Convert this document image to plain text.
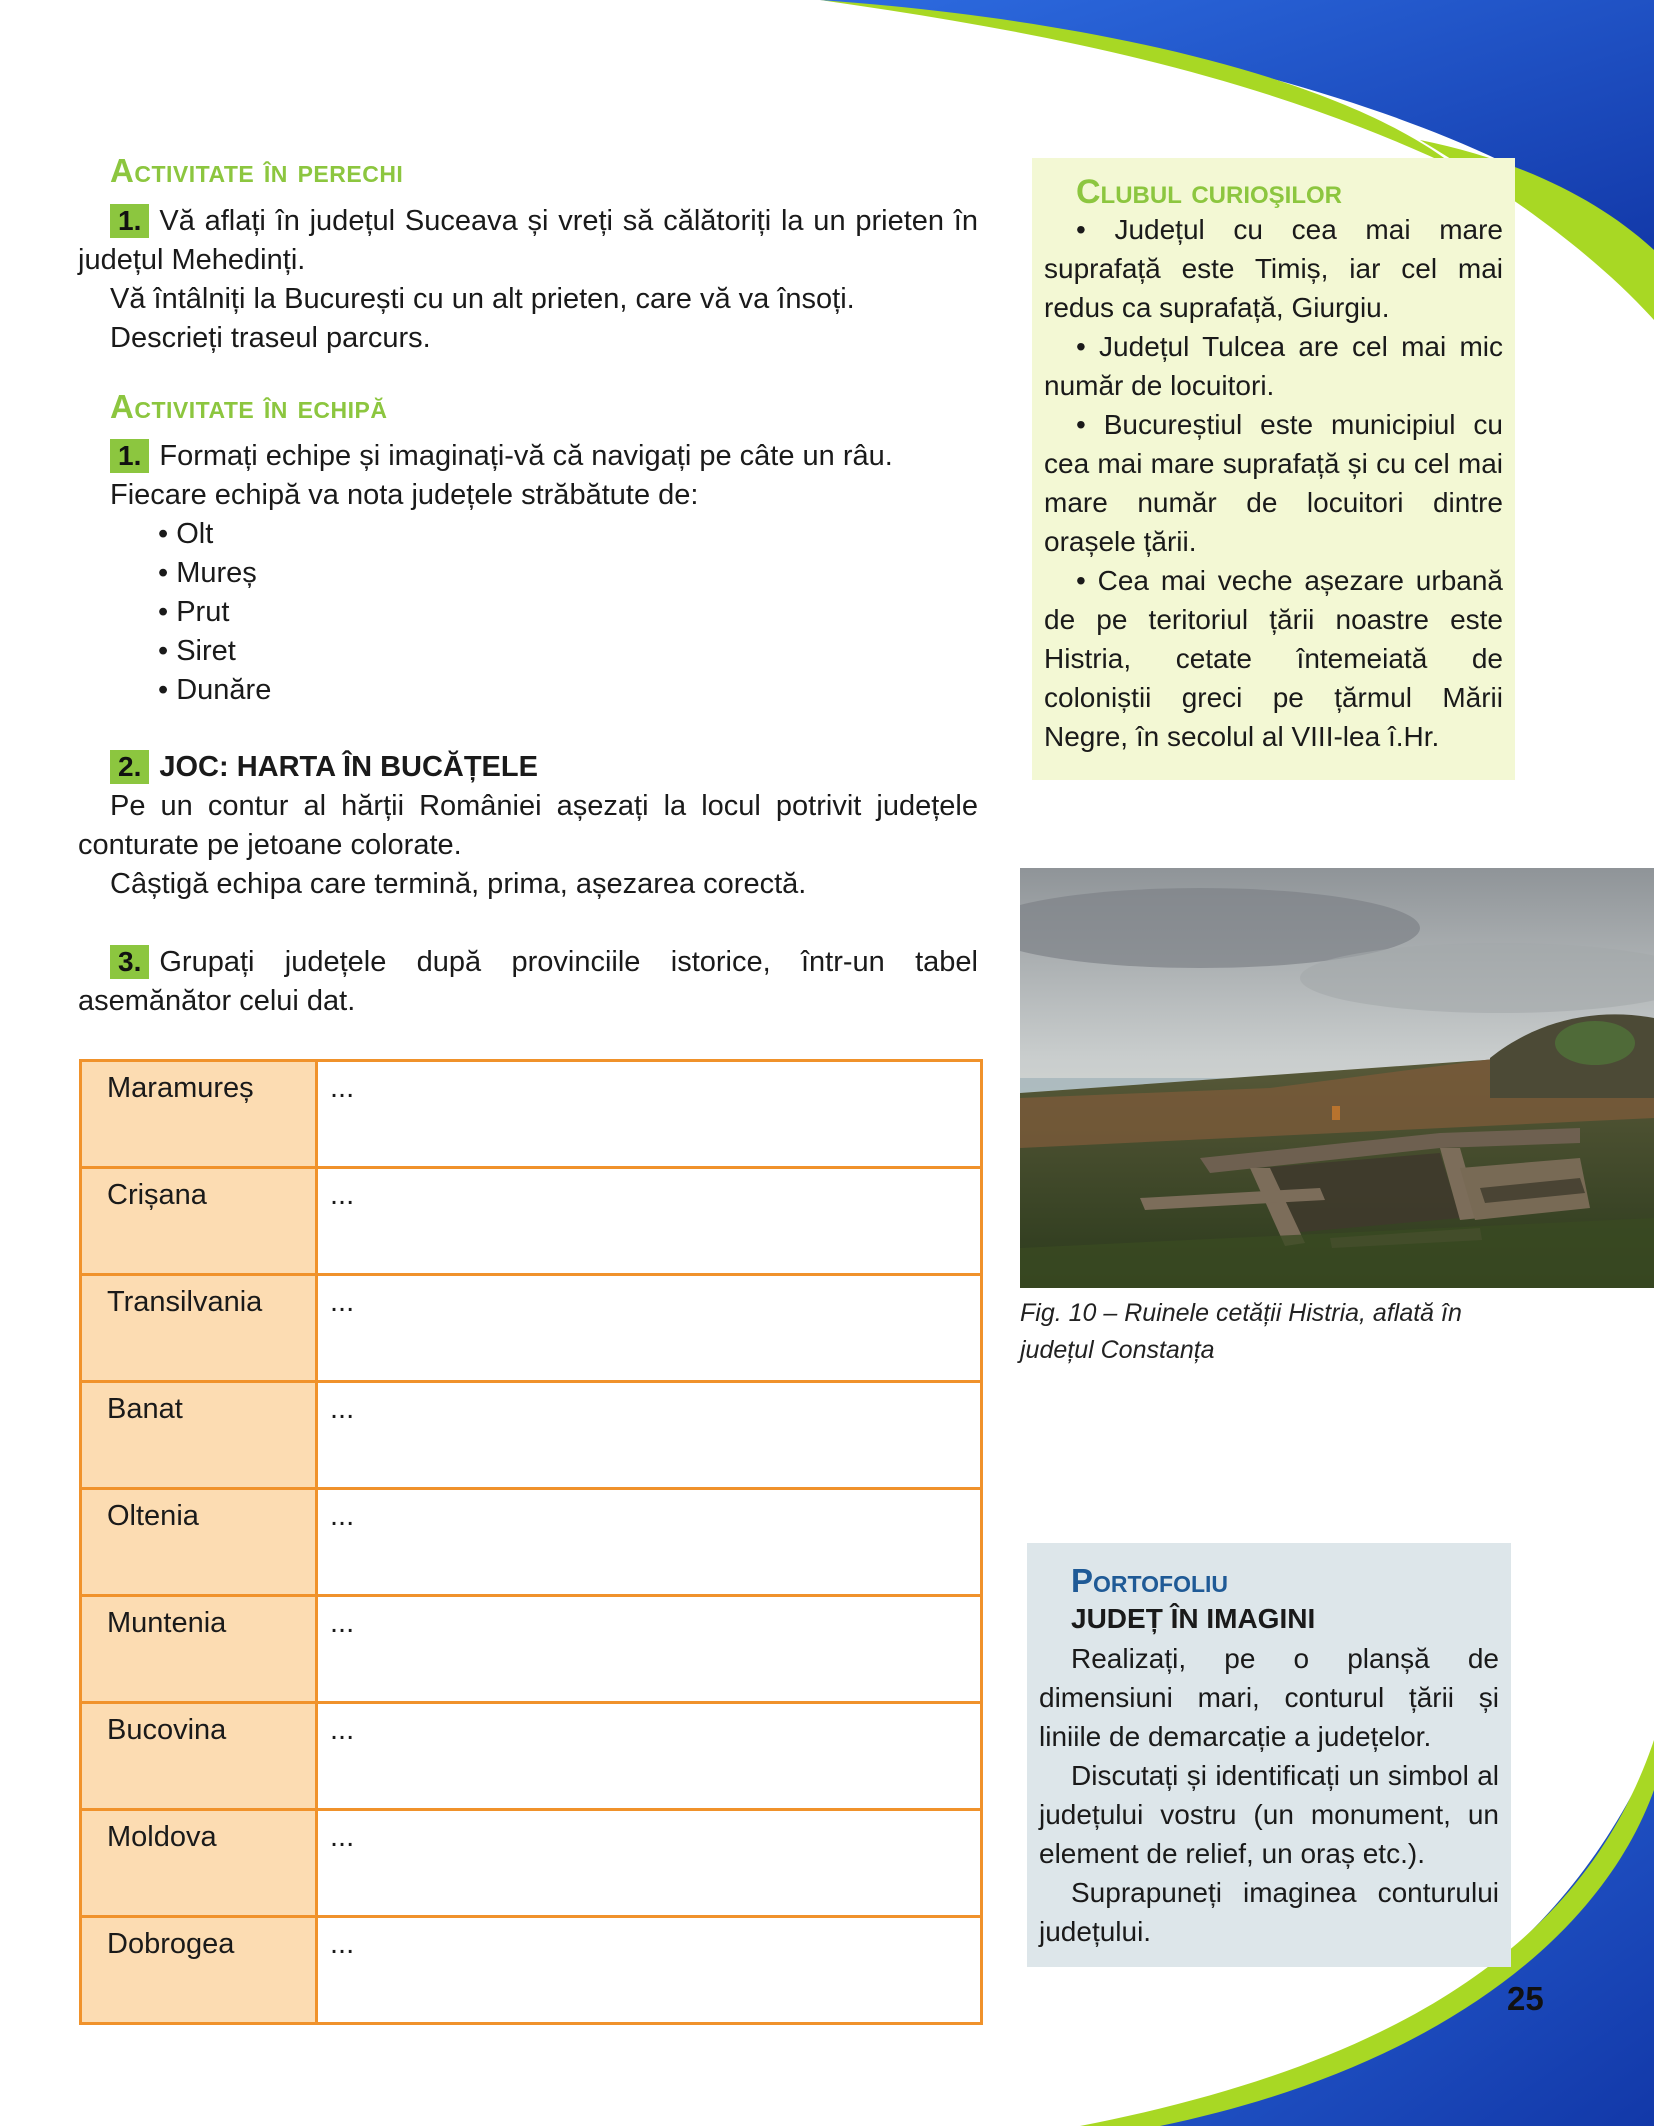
Activitate în perechi

1. Vă aflați în județul Suceava și vreți să călătoriți la un prieten în județul Mehedinți.

Vă întâlniți la București cu un alt prieten, care vă va însoți.

Descrieți traseul parcurs.

Activitate în echipă

1. Formați echipe și imaginați-vă că navigați pe câte un râu.

Fiecare echipă va nota județele străbătute de:

• Olt
• Mureș
• Prut
• Siret
• Dunăre

2. JOC: HARTA ÎN BUCĂȚELE

Pe un contur al hărții României așezați la locul potrivit județele conturate pe jetoane colorate.

Câștigă echipa care termină, prima, așezarea corectă.

3. Grupați județele după provinciile istorice, într-un tabel asemănător celui dat.

Maramureș	...
Crișana	...
Transilvania	...
Banat	...
Oltenia	...
Muntenia	...
Bucovina	...
Moldova	...
Dobrogea	...
Clubul curioşilor

• Județul cu cea mai mare suprafață este Timiș, iar cel mai redus ca suprafață, Giurgiu.

• Județul Tulcea are cel mai mic număr de locuitori.

• Bucureștiul este municipiul cu cea mai mare suprafață și cu cel mai mare număr de locuitori dintre orașele țării.

• Cea mai veche așezare urbană de pe teritoriul țării noastre este Histria, cetate întemeiată de coloniștii greci pe țărmul Mării Negre, în secolul al VIII-lea î.Hr.

Fig. 10 – Ruinele cetății Histria, aflată în județul Constanța

Portofoliu

JUDEȚ ÎN IMAGINI

Realizați, pe o planșă de dimensiuni mari, conturul țării și liniile de demarcație a județelor.

Discutați și identificați un simbol al județului vostru (un monument, un element de relief, un oraș etc.).

Suprapuneți imaginea conturului județului.

25
